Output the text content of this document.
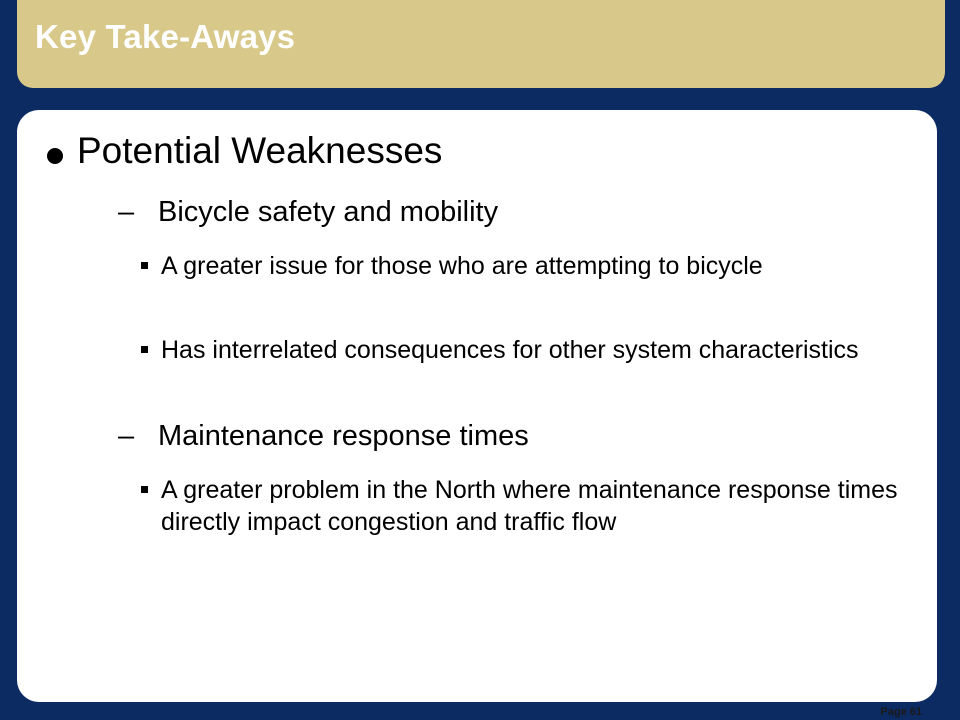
Key Take-Aways
Potential Weaknesses
– Bicycle safety and mobility
A greater issue for those who are attempting to bicycle
Has interrelated consequences for other system characteristics
– Maintenance response times
A greater problem in the North where maintenance response times directly impact congestion and traffic flow
Page 61
